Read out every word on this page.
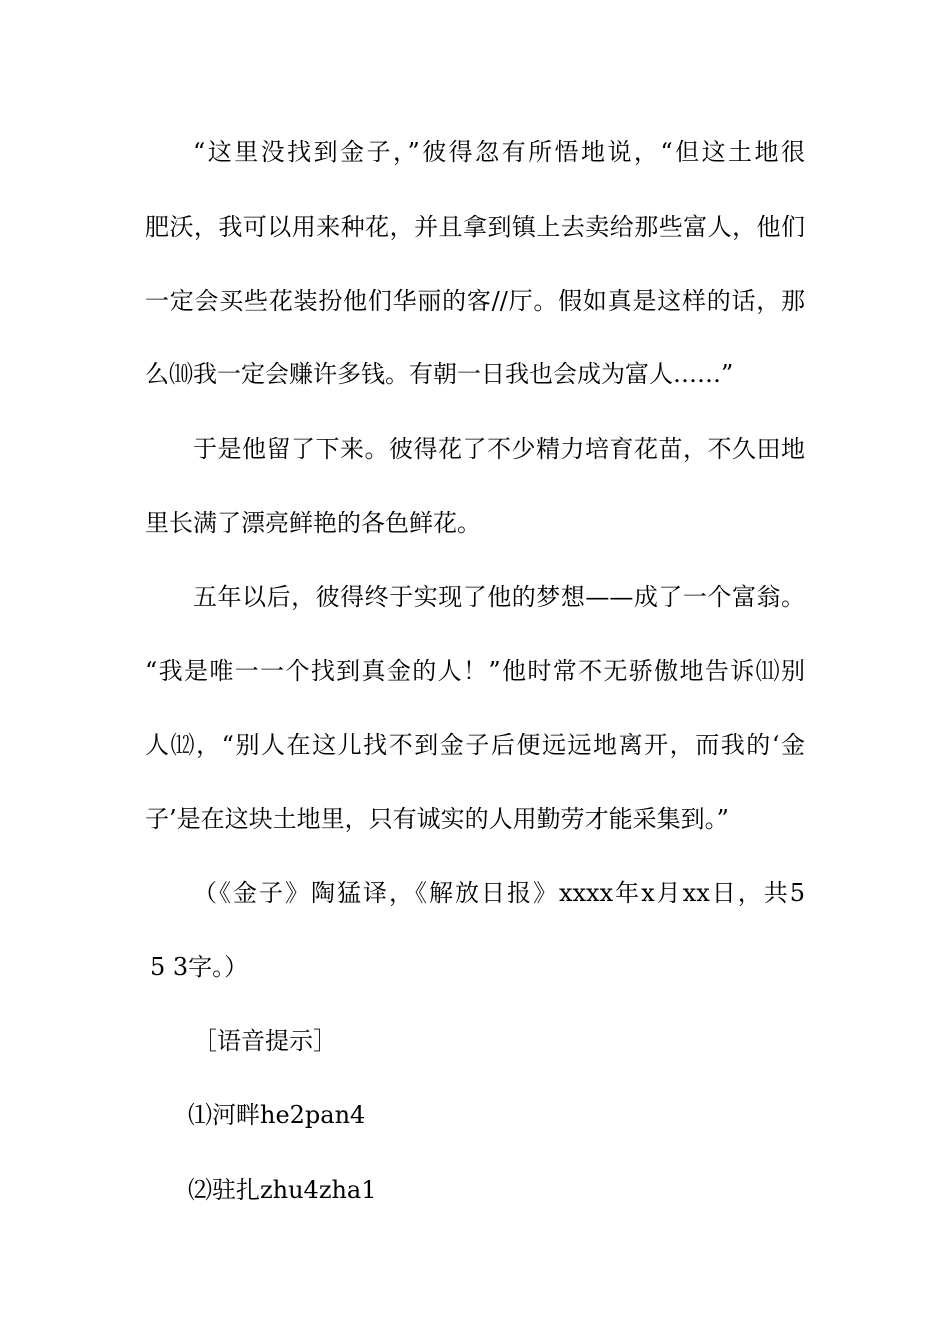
“这里没找到金子，”彼得忽有所悟地说，“但这土地很
肥沃，我可以用来种花，并且拿到镇上去卖给那些富人，他们
一定会买些花装扮他们华丽的客//厅。假如真是这样的话，那
么⑽我一定会赚许多钱。有朝一日我也会成为富人……”
于是他留了下来。彼得花了不少精力培育花苗，不久田地
里长满了漂亮鲜艳的各色鲜花。
五年以后，彼得终于实现了他的梦想——成了一个富翁。
“我是唯一一个找到真金的人！”他时常不无骄傲地告诉⑾别
人⑿，“别人在这儿找不到金子后便远远地离开，而我的‘金
子’是在这块土地里，只有诚实的人用勤劳才能采集到。”
（《金子》陶猛译，《解放日报》xxxx年x月xx日，共5
5 3字。）
［语音提示］
⑴河畔he2pan4
⑵驻扎zhu4zha1
